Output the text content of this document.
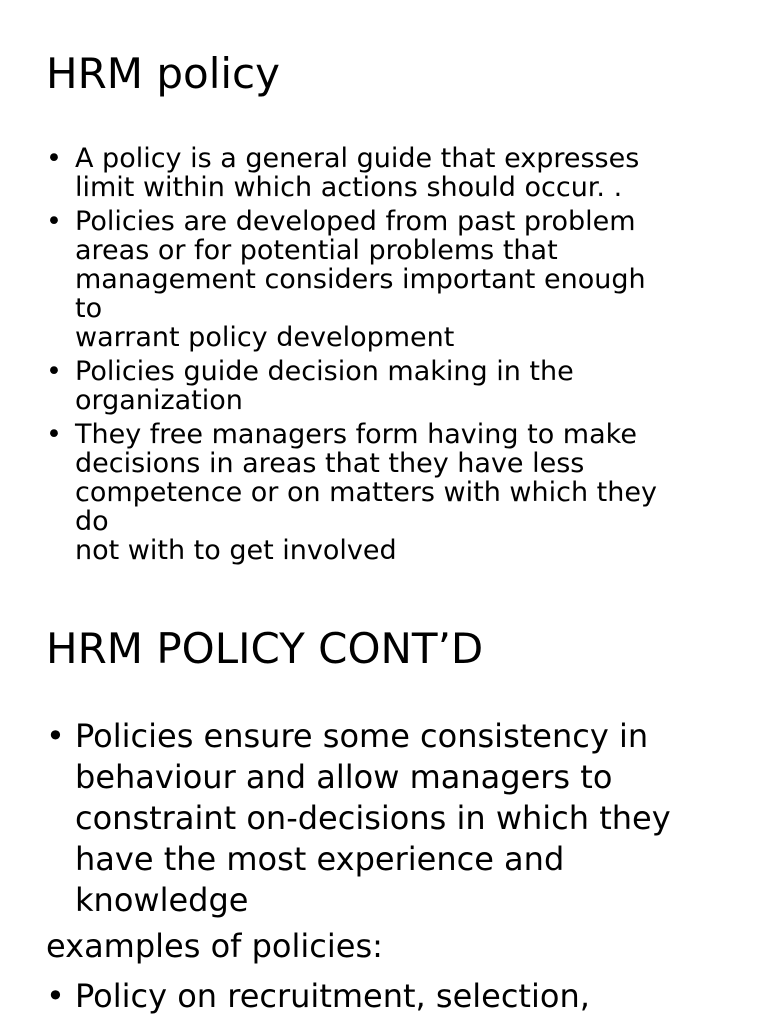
HRM policy
• A policy is a general guide that expresses
limit within which actions should occur. .
• Policies are developed from past problem
areas or for potential problems that
management considers important enough
to
warrant policy development
• Policies guide decision making in the
organization
• They free managers form having to make
decisions in areas that they have less
competence or on matters with which they
do
not with to get involved
HRM POLICY CONT’D
• Policies ensure some consistency in
behaviour and allow managers to
constraint on-decisions in which they
have the most experience and
knowledge

examples of policies:

• Policy on recruitment, selection,
